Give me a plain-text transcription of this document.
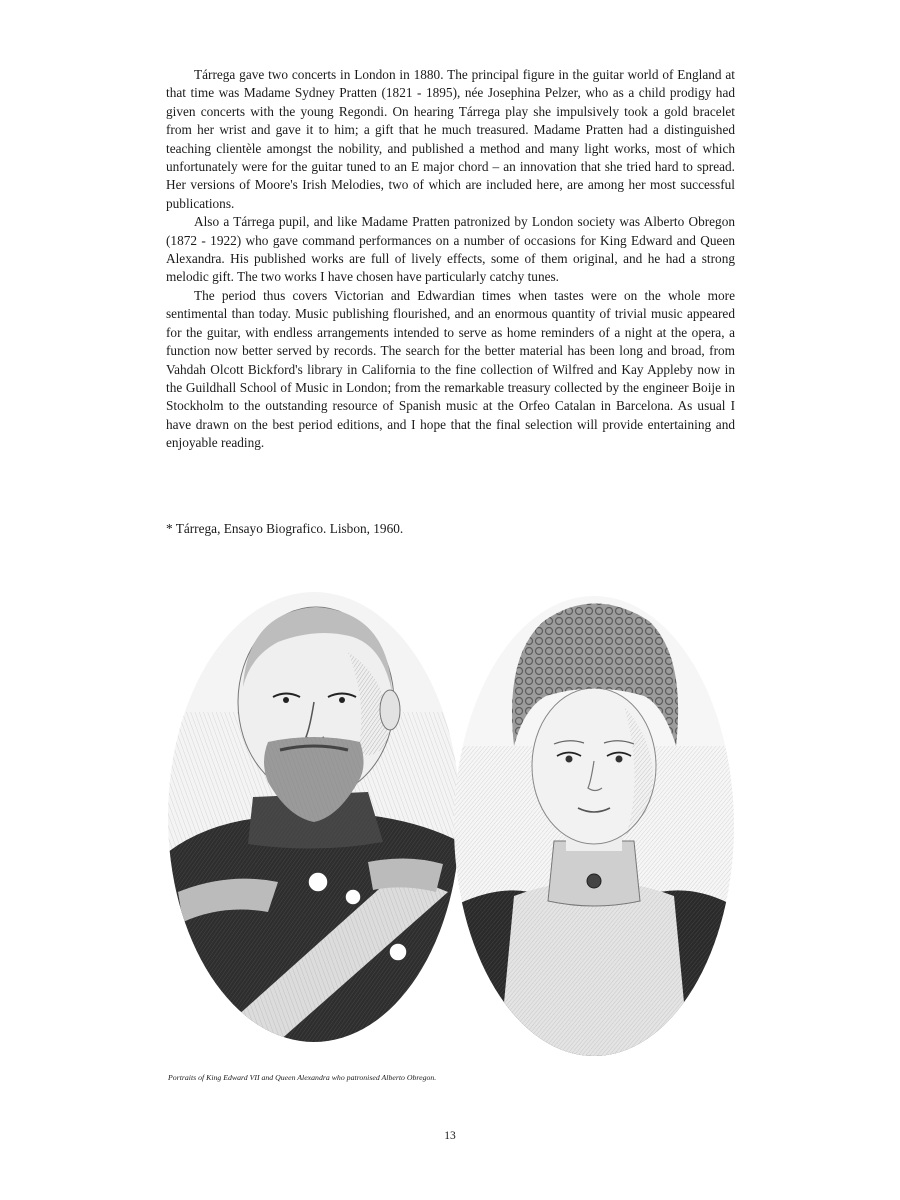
Tárrega gave two concerts in London in 1880. The principal figure in the guitar world of England at that time was Madame Sydney Pratten (1821 - 1895), née Josephina Pelzer, who as a child prodigy had given concerts with the young Regondi. On hearing Tárrega play she impulsively took a gold bracelet from her wrist and gave it to him; a gift that he much treasured. Madame Pratten had a distinguished teaching clientèle amongst the nobility, and published a method and many light works, most of which unfortunately were for the guitar tuned to an E major chord – an innovation that she tried hard to spread. Her versions of Moore's Irish Melodies, two of which are included here, are among her most successful publications.

Also a Tárrega pupil, and like Madame Pratten patronized by London society was Alberto Obregon (1872 - 1922) who gave command performances on a number of occasions for King Edward and Queen Alexandra. His published works are full of lively effects, some of them original, and he had a strong melodic gift. The two works I have chosen have particularly catchy tunes.

The period thus covers Victorian and Edwardian times when tastes were on the whole more sentimental than today. Music publishing flourished, and an enormous quantity of trivial music appeared for the guitar, with endless arrangements intended to serve as home reminders of a night at the opera, a function now better served by records. The search for the better material has been long and broad, from Vahdah Olcott Bickford's library in California to the fine collection of Wilfred and Kay Appleby now in the Guildhall School of Music in London; from the remarkable treasury collected by the engineer Boije in Stockholm to the outstanding resource of Spanish music at the Orfeo Catalan in Barcelona. As usual I have drawn on the best period editions, and I hope that the final selection will provide entertaining and enjoyable reading.

* Tárrega, Ensayo Biografico. Lisbon, 1960.

Portraits of King Edward VII and Queen Alexandra who patronised Alberto Obregon.

13
